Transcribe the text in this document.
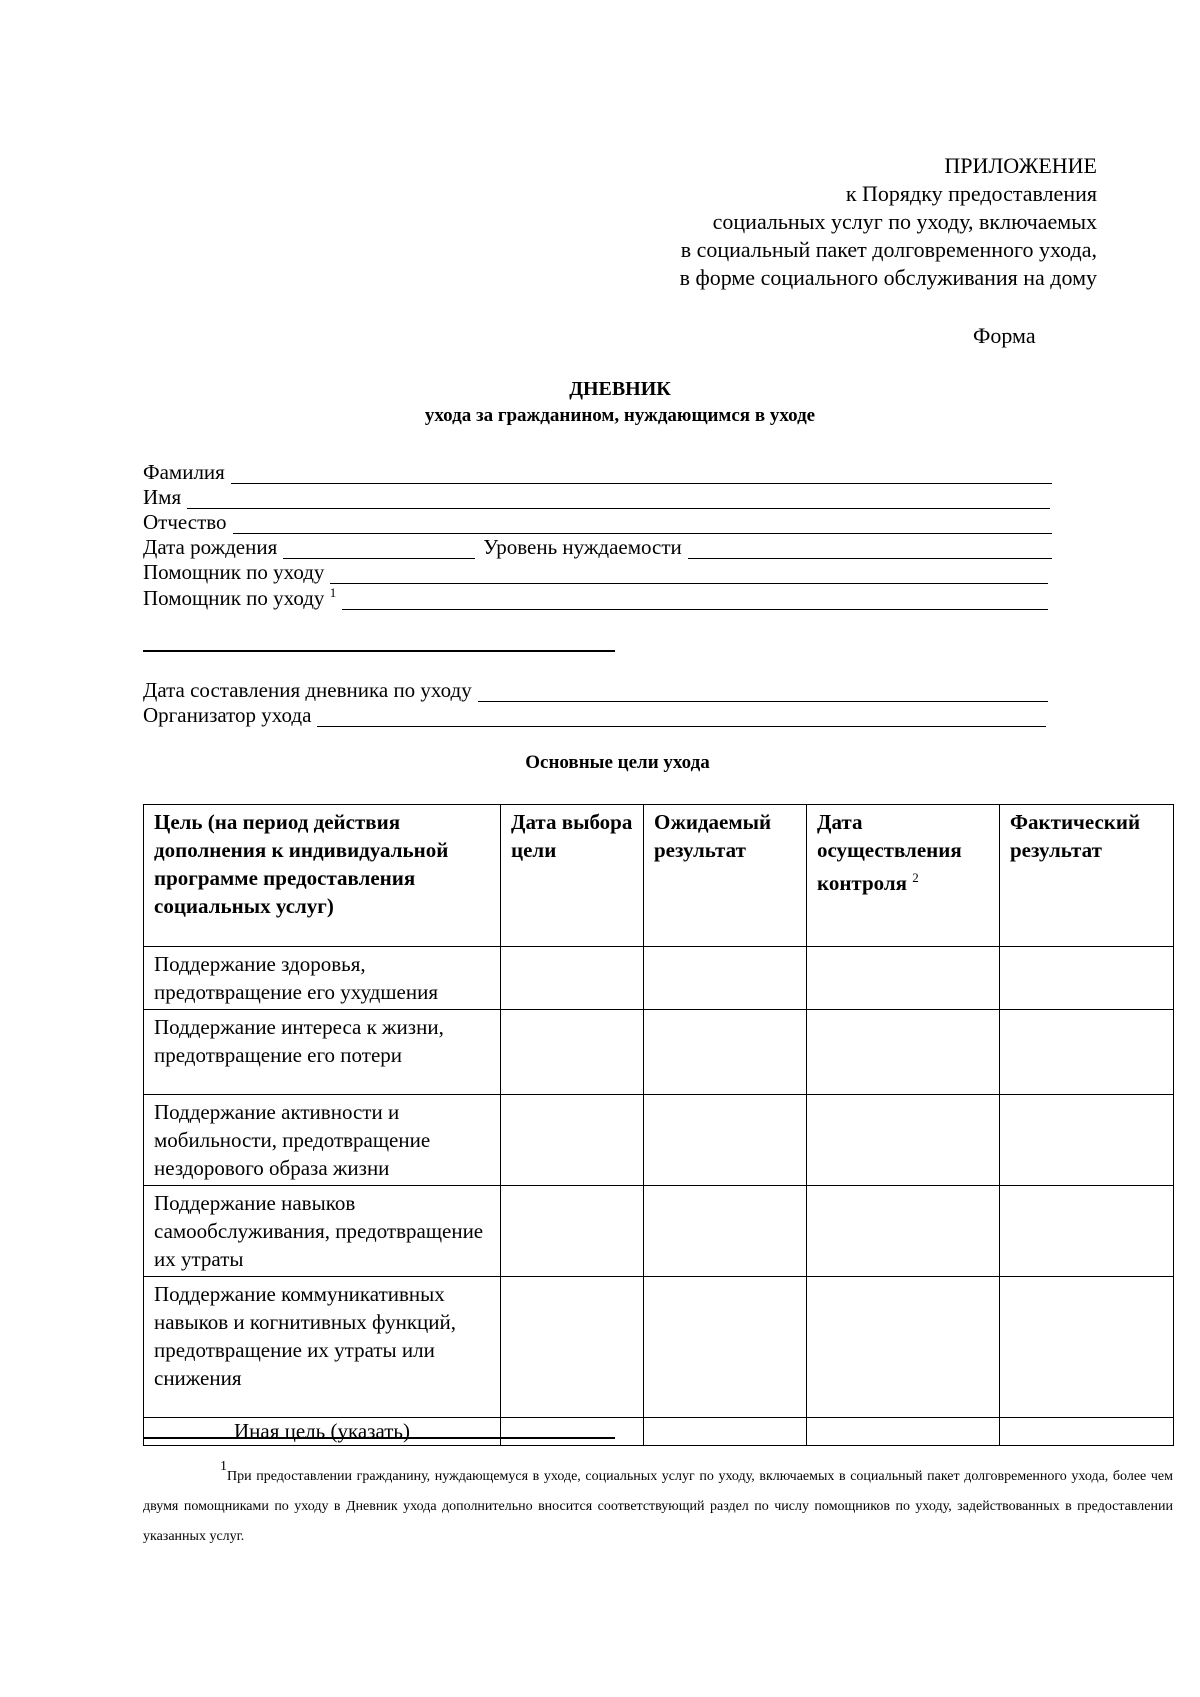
ПРИЛОЖЕНИЕ
к Порядку предоставления
социальных услуг по уходу, включаемых
в социальный пакет долговременного ухода,
в форме социального обслуживания на дому
Форма
ДНЕВНИК
ухода за гражданином, нуждающимся в уходе
Фамилия
Имя
Отчество
Дата рождения	Уровень нуждаемости
Помощник по уходу
Помощник по уходу $^1$
Дата составления дневника по уходу
Организатор ухода
Основные цели ухода
Цель (на период действия дополнения к индивидуальной программе предоставления социальных услуг)	Дата выбора цели	Ожидаемый результат	Дата осуществления контроля $^2$	Фактический результат
Поддержание здоровья, предотвращение его ухудшения				
Поддержание интереса к жизни, предотвращение его потери				
Поддержание активности и мобильности, предотвращение нездорового образа жизни				
Поддержание навыков самообслуживания, предотвращение их утраты				
Поддержание коммуникативных навыков и когнитивных функций, предотвращение их утраты или снижения				
Иная цель (указать)				
1При предоставлении гражданину, нуждающемуся в уходе, социальных услуг по уходу, включаемых в социальный пакет долговременного ухода, более чем двумя помощниками по уходу в Дневник ухода дополнительно вносится соответствующий раздел по числу помощников по уходу, задействованных в предоставлении указанных услуг.
